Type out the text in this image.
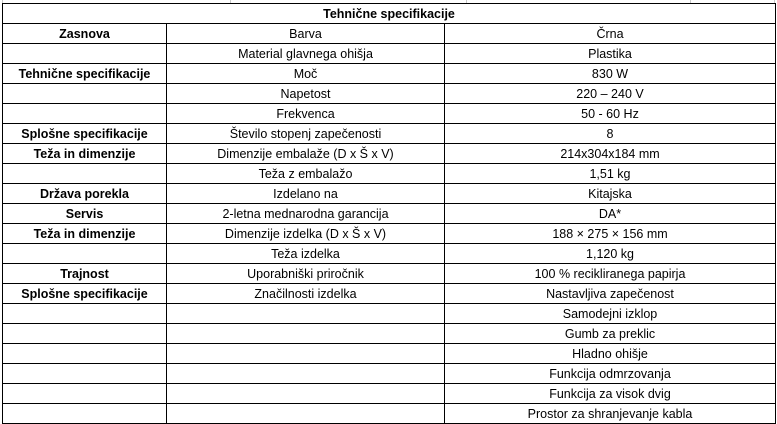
Tehnične specifikacije		
Zasnova	Barva	Črna
	Material glavnega ohišja	Plastika
Tehnične specifikacije	Moč	830 W
	Napetost	220 – 240 V
	Frekvenca	50 - 60 Hz
Splošne specifikacije	Število stopenj zapečenosti	8
Teža in dimenzije	Dimenzije embalaže (D x Š x V)	214x304x184 mm
	Teža z embalažo	1,51 kg
Država porekla	Izdelano na	Kitajska
Servis	2-letna mednarodna garancija	DA*
Teža in dimenzije	Dimenzije izdelka (D x Š x V)	188 × 275 × 156 mm
	Teža izdelka	1,120 kg
Trajnost	Uporabniški priročnik	100 % recikliranega papirja
Splošne specifikacije	Značilnosti izdelka	Nastavljiva zapečenost
		Samodejni izklop
		Gumb za preklic
		Hladno ohišje
		Funkcija odmrzovanja
		Funkcija za visok dvig
		Prostor za shranjevanje kabla
